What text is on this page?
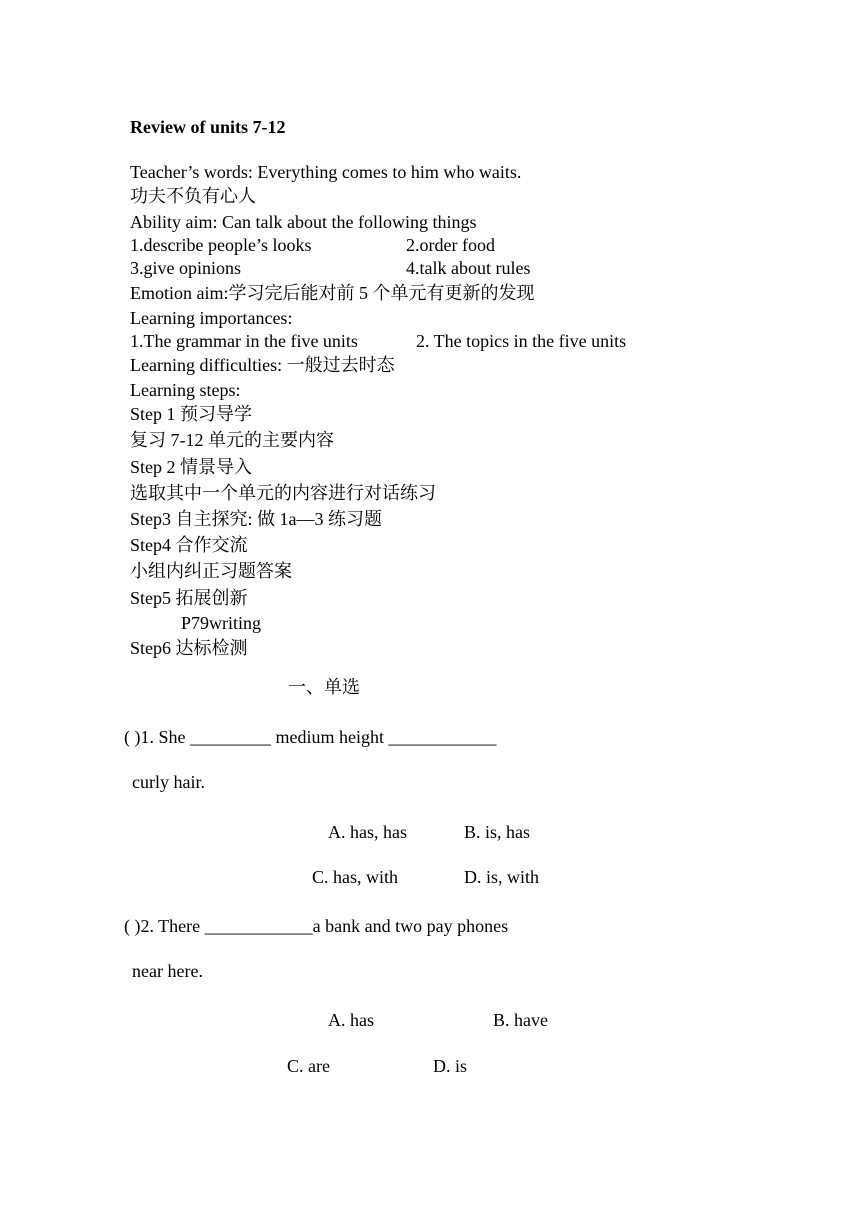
Review of units 7-12
Teacher’s words: Everything comes to him who waits.
功夫不负有心人
Ability aim: Can talk about the following things
1.describe people’s looks	2.order food
3.give opinions	4.talk about rules
Emotion aim:学习完后能对前 5 个单元有更新的发现
Learning importances:
1.The grammar in the five units	2. The topics in the five units
Learning difficulties: 一般过去时态
Learning steps:
Step 1 预习导学
复习 7-12 单元的主要内容
Step 2 情景导入
选取其中一个单元的内容进行对话练习
Step3 自主探究: 做 1a—3 练习题
Step4 合作交流
小组内纠正习题答案
Step5 拓展创新
P79writing
Step6 达标检测
一、单选
( )1. She _________ medium height ____________
curly hair.
A. has, has	B. is, has
C. has, with	D. is, with
( )2. There ____________a bank and two pay phones
near here.
A. has	B. have
C. are	D. is
